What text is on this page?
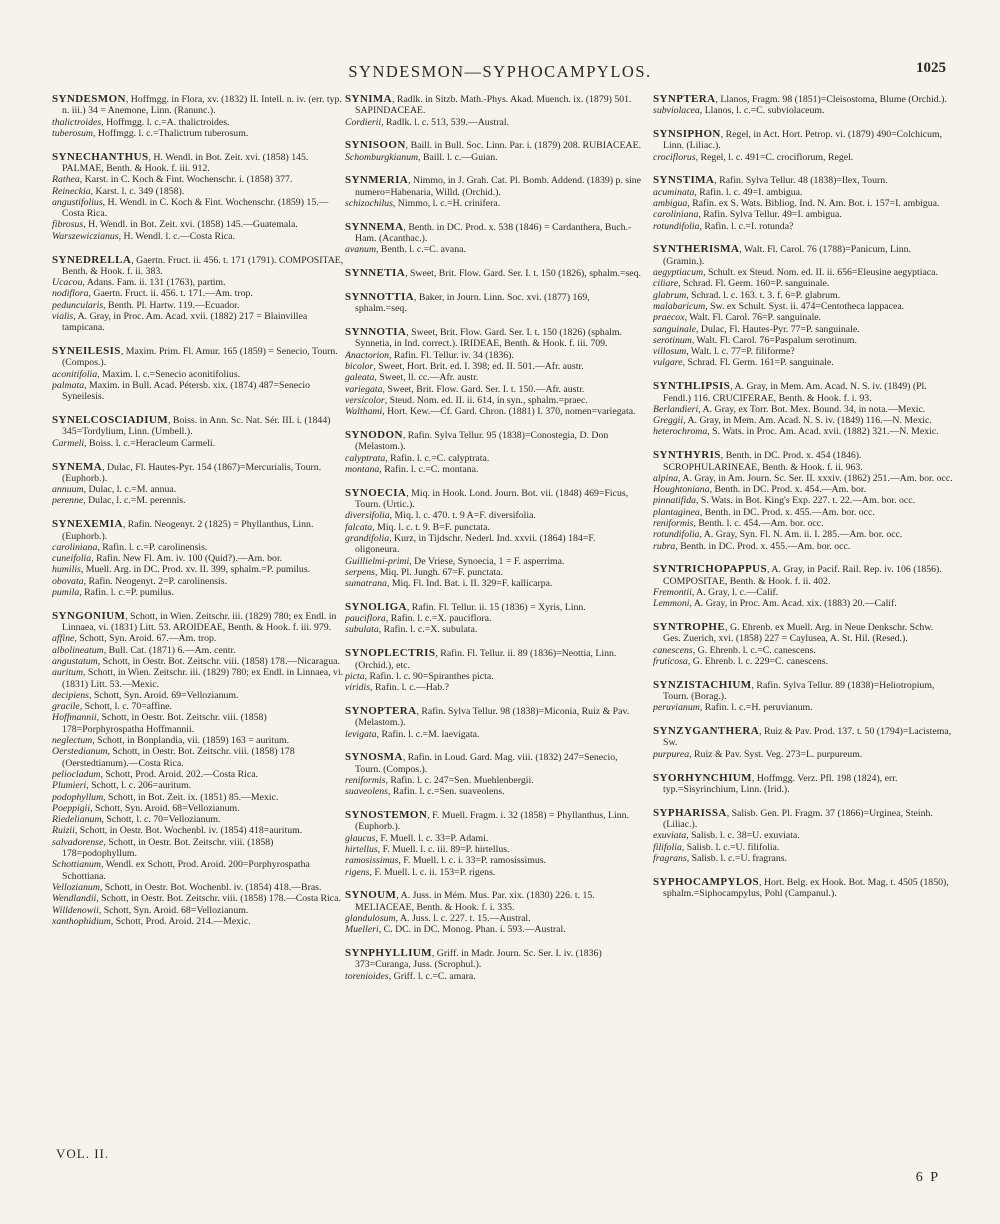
SYNDESMON—SYPHOCAMPYLOS.	1025

SYNDESMON, Hoffmgg. in Flora, xv. (1832) II. Intell. n. iv. (err. typ. n. iii.) 34 = Anemone, Linn. (Ranunc.).

thalictroides, Hoffmgg. l. c.=A. thalictroides.

tuberosum, Hoffmgg. l. c.=Thalictrum tuberosum.

SYNECHANTHUS, H. Wendl. in Bot. Zeit. xvi. (1858) 145. PALMAE, Benth. & Hook. f. iii. 912.

Rathea, Karst. in C. Koch & Fint. Wochenschr. i. (1858) 377.

Reineckia, Karst. l. c. 349 (1858).

angustifolius, H. Wendl. in C. Koch & Fint. Wochenschr. (1859) 15.—Costa Rica.

fibrosus, H. Wendl. in Bot. Zeit. xvi. (1858) 145.—Guatemala.

Warszewiczianus, H. Wendl. l. c.—Costa Rica.

SYNEDRELLA, Gaertn. Fruct. ii. 456. t. 171 (1791). COMPOSITAE, Benth. & Hook. f. ii. 383.

Ucacou, Adans. Fam. ii. 131 (1763), partim.

nodiflora, Gaertn. Fruct. ii. 456. t. 171.—Am. trop.

peduncularis, Benth. Pl. Hartw. 119.—Ecuador.

vialis, A. Gray, in Proc. Am. Acad. xvii. (1882) 217 = Blainvillea tampicana.

SYNEILESIS, Maxim. Prim. Fl. Amur. 165 (1859) = Senecio, Tourn. (Compos.).

aconitifolia, Maxim. l. c.=Senecio aconitifolius.

palmata, Maxim. in Bull. Acad. Pétersb. xix. (1874) 487=Senecio Syneilesis.

SYNELCOSCIADIUM, Boiss. in Ann. Sc. Nat. Sér. III. i. (1844) 345=Tordylium, Linn. (Umbell.).

Carmeli, Boiss. l. c.=Heracleum Carmeli.

SYNEMA, Dulac, Fl. Hautes-Pyr. 154 (1867)=Mercurialis, Tourn. (Euphorb.).

annuum, Dulac, l. c.=M. annua.

perenne, Dulac, l. c.=M. perennis.

SYNEXEMIA, Rafin. Neogenyt. 2 (1825) = Phyllanthus, Linn. (Euphorb.).

caroliniana, Rafin. l. c.=P. carolinensis.

cuneifolia, Rafin. New Fl. Am. iv. 100 (Quid?).—Am. bor.

humilis, Muell. Arg. in DC. Prod. xv. II. 399, sphalm.=P. pumilus.

obovata, Rafin. Neogenyt. 2=P. carolinensis.

pumila, Rafin. l. c.=P. pumilus.

SYNGONIUM, Schott, in Wien. Zeitschr. iii. (1829) 780; ex Endl. in Linnaea, vi. (1831) Litt. 53. AROIDEAE, Benth. & Hook. f. iii. 979.

affine, Schott, Syn. Aroid. 67.—Am. trop.

albolineatum, Bull. Cat. (1871) 6.—Am. centr.

angustatum, Schott, in Oestr. Bot. Zeitschr. viii. (1858) 178.—Nicaragua.

auritum, Schott, in Wien. Zeitschr. iii. (1829) 780; ex Endl. in Linnaea, vi. (1831) Litt. 53.—Mexic.

decipiens, Schott, Syn. Aroid. 69=Vellozianum.

gracile, Schott, l. c. 70=affine.

Hoffmannii, Schott, in Oestr. Bot. Zeitschr. viii. (1858) 178=Porphyrospatha Hoffmannii.

neglectum, Schott, in Bonplandia, vii. (1859) 163 = auritum.

Oerstedianum, Schott, in Oestr. Bot. Zeitschr. viii. (1858) 178 (Oerstedtianum).—Costa Rica.

peliocladum, Schott, Prod. Aroid. 202.—Costa Rica.

Plumieri, Schott, l. c. 206=auritum.

podophyllum, Schott, in Bot. Zeit. ix. (1851) 85.—Mexic.

Poeppigii, Schott, Syn. Aroid. 68=Vellozianum.

Riedelianum, Schott, l. c. 70=Vellozianum.

Ruizii, Schott, in Oestr. Bot. Wochenbl. iv. (1854) 418=auritum.

salvadorense, Schott, in Oestr. Bot. Zeitschr. viii. (1858) 178=podophyllum.

Schottianum, Wendl. ex Schott, Prod. Aroid. 200=Porphyrospatha Schottiana.

Vellozianum, Schott, in Oestr. Bot. Wochenbl. iv. (1854) 418.—Bras.

Wendlandii, Schott, in Oestr. Bot. Zeitschr. viii. (1858) 178.—Costa Rica.

Willdenowii, Schott, Syn. Aroid. 68=Vellozianum.

xanthophidium, Schott, Prod. Aroid. 214.—Mexic.

SYNIMA, Radlk. in Sitzb. Math.-Phys. Akad. Muench. ix. (1879) 501. SAPINDACEAE.

Cordierii, Radlk. l. c. 513, 539.—Austral.

SYNISOON, Baill. in Bull. Soc. Linn. Par. i. (1879) 208. RUBIACEAE.

Schomburgkianum, Baill. l. c.—Guian.

SYNMERIA, Nimmo, in J. Grah. Cat. Pl. Bomb. Addend. (1839) p. sine numero=Habenaria, Willd. (Orchid.).

schizochilus, Nimmo, l. c.=H. crinifera.

SYNNEMA, Benth. in DC. Prod. x. 538 (1846) = Cardanthera, Buch.-Ham. (Acanthac.).

avanum, Benth. l. c.=C. avana.

SYNNETIA, Sweet, Brit. Flow. Gard. Ser. I. t. 150 (1826), sphalm.=seq.

SYNNOTTIA, Baker, in Journ. Linn. Soc. xvi. (1877) 169, sphalm.=seq.

SYNNOTIA, Sweet, Brit. Flow. Gard. Ser. I. t. 150 (1826) (sphalm. Synnetia, in Ind. correct.). IRIDEAE, Benth. & Hook. f. iii. 709.

Anactorion, Rafin. Fl. Tellur. iv. 34 (1836).

bicolor, Sweet, Hort. Brit. ed. I. 398; ed. II. 501.—Afr. austr.

galeata, Sweet, ll. cc.—Afr. austr.

variegata, Sweet, Brit. Flow. Gard. Ser. I. t. 150.—Afr. austr.

versicolor, Steud. Nom. ed. II. ii. 614, in syn., sphalm.=praec.

Walthami, Hort. Kew.—Cf. Gard. Chron. (1881) I. 370, nomen=variegata.

SYNODON, Rafin. Sylva Tellur. 95 (1838)=Conostegia, D. Don (Melastom.).

calyptrata, Rafin. l. c.=C. calyptrata.

montana, Rafin. l. c.=C. montana.

SYNOECIA, Miq. in Hook. Lond. Journ. Bot. vii. (1848) 469=Ficus, Tourn. (Urtic.).

diversifolia, Miq. l. c. 470. t. 9 A=F. diversifolia.

falcata, Miq. l. c. t. 9. B=F. punctata.

grandifolia, Kurz, in Tijdschr. Nederl. Ind. xxvii. (1864) 184=F. oligoneura.

Guillielmi-primi, De Vriese, Synoecia, 1 = F. asperrima.

serpens, Miq. Pl. Jungh. 67=F. punctata.

sumatrana, Miq. Fl. Ind. Bat. i. II. 329=F. kallicarpa.

SYNOLIGA, Rafin. Fl. Tellur. ii. 15 (1836) = Xyris, Linn.

pauciflora, Rafin. l. c.=X. pauciflora.

subulata, Rafin. l. c.=X. subulata.

SYNOPLECTRIS, Rafin. Fl. Tellur. ii. 89 (1836)=Neottia, Linn. (Orchid.), etc.

picta, Rafin. l. c. 90=Spiranthes picta.

viridis, Rafin. l. c.—Hab.?

SYNOPTERA, Rafin. Sylva Tellur. 98 (1838)=Miconia, Ruiz & Pav. (Melastom.).

levigata, Rafin. l. c.=M. laevigata.

SYNOSMA, Rafin. in Loud. Gard. Mag. viii. (1832) 247=Senecio, Tourn. (Compos.).

reniformis, Rafin. l. c. 247=Sen. Muehlenbergii.

suaveolens, Rafin. l. c.=Sen. suaveolens.

SYNOSTEMON, F. Muell. Fragm. i. 32 (1858) = Phyllanthus, Linn. (Euphorb.).

glaucus, F. Muell. l. c. 33=P. Adami.

hirtellus, F. Muell. l. c. iii. 89=P. hirtellus.

ramosissimus, F. Muell. l. c. i. 33=P. ramosissimus.

rigens, F. Muell. l. c. ii. 153=P. rigens.

SYNOUM, A. Juss. in Mém. Mus. Par. xix. (1830) 226. t. 15. MELIACEAE, Benth. & Hook. f. i. 335.

glandulosum, A. Juss. l. c. 227. t. 15.—Austral.

Muelleri, C. DC. in DC. Monog. Phan. i. 593.—Austral.

SYNPHYLLIUM, Griff. in Madr. Journ. Sc. Ser. I. iv. (1836) 373=Curanga, Juss. (Scrophul.).

torenioides, Griff. l. c.=C. amara.

SYNPTERA, Llanos, Fragm. 98 (1851)=Cleisostoma, Blume (Orchid.).

subviolacea, Llanos, l. c.=C. subviolaceum.

SYNSIPHON, Regel, in Act. Hort. Petrop. vi. (1879) 490=Colchicum, Linn. (Liliac.).

crociflorus, Regel, l. c. 491=C. crociflorum, Regel.

SYNSTIMA, Rafin. Sylva Tellur. 48 (1838)=Ilex, Tourn.

acuminata, Rafin. l. c. 49=I. ambigua.

ambigua, Rafin. ex S. Wats. Bibliog. Ind. N. Am. Bot. i. 157=I. ambigua.

caroliniana, Rafin. Sylva Tellur. 49=I. ambigua.

rotundifolia, Rafin. l. c.=I. rotunda?

SYNTHERISMA, Walt. Fl. Carol. 76 (1788)=Panicum, Linn. (Gramin.).

aegyptiacum, Schult. ex Steud. Nom. ed. II. ii. 656=Eleusine aegyptiaca.

ciliare, Schrad. Fl. Germ. 160=P. sanguinale.

glabrum, Schrad. l. c. 163. t. 3. f. 6=P. glabrum.

malabaricum, Sw. ex Schult. Syst. ii. 474=Centotheca lappacea.

praecox, Walt. Fl. Carol. 76=P. sanguinale.

sanguinale, Dulac, Fl. Hautes-Pyr. 77=P. sanguinale.

serotinum, Walt. Fl. Carol. 76=Paspalum serotinum.

villosum, Walt. l. c. 77=P. filiforme?

vulgare, Schrad. Fl. Germ. 161=P. sanguinale.

SYNTHLIPSIS, A. Gray, in Mem. Am. Acad. N. S. iv. (1849) (Pl. Fendl.) 116. CRUCIFERAE, Benth. & Hook. f. i. 93.

Berlandieri, A. Gray, ex Torr. Bot. Mex. Bound. 34, in nota.—Mexic.

Greggii, A. Gray, in Mem. Am. Acad. N. S. iv. (1849) 116.—N. Mexic.

heterochroma, S. Wats. in Proc. Am. Acad. xvii. (1882) 321.—N. Mexic.

SYNTHYRIS, Benth. in DC. Prod. x. 454 (1846). SCROPHULARINEAE, Benth. & Hook. f. ii. 963.

alpina, A. Gray, in Am. Journ. Sc. Ser. II. xxxiv. (1862) 251.—Am. bor. occ.

Houghtoniana, Benth. in DC. Prod. x. 454.—Am. bor.

pinnatifida, S. Wats. in Bot. King's Exp. 227. t. 22.—Am. bor. occ.

plantaginea, Benth. in DC. Prod. x. 455.—Am. bor. occ.

reniformis, Benth. l. c. 454.—Am. bor. occ.

rotundifolia, A. Gray, Syn. Fl. N. Am. ii. I. 285.—Am. bor. occ.

rubra, Benth. in DC. Prod. x. 455.—Am. bor. occ.

SYNTRICHOPAPPUS, A. Gray, in Pacif. Rail. Rep. iv. 106 (1856). COMPOSITAE, Benth. & Hook. f. ii. 402.

Fremontii, A. Gray, l. c.—Calif.

Lemmoni, A. Gray, in Proc. Am. Acad. xix. (1883) 20.—Calif.

SYNTROPHE, G. Ehrenb. ex Muell. Arg. in Neue Denkschr. Schw. Ges. Zuerich, xvi. (1858) 227 = Caylusea, A. St. Hil. (Resed.).

canescens, G. Ehrenb. l. c.=C. canescens.

fruticosa, G. Ehrenb. l. c. 229=C. canescens.

SYNZISTACHIUM, Rafin. Sylva Tellur. 89 (1838)=Heliotropium, Tourn. (Borag.).

peruvianum, Rafin. l. c.=H. peruvianum.

SYNZYGANTHERA, Ruiz & Pav. Prod. 137. t. 50 (1794)=Lacistema, Sw.

purpurea, Ruiz & Pav. Syst. Veg. 273=L. purpureum.

SYORHYNCHIUM, Hoffmgg. Verz. Pfl. 198 (1824), err. typ.=Sisyrinchium, Linn. (Irid.).

SYPHARISSA, Salisb. Gen. Pl. Fragm. 37 (1866)=Urginea, Steinh. (Liliac.).

exuviata, Salisb. l. c. 38=U. exuviata.

filifolia, Salisb. l. c.=U. filifolia.

fragrans, Salisb. l. c.=U. fragrans.

SYPHOCAMPYLOS, Hort. Belg. ex Hook. Bot. Mag. t. 4505 (1850), sphalm.=Siphocampylus, Pohl (Campanul.).

VOL. II.
6 P
